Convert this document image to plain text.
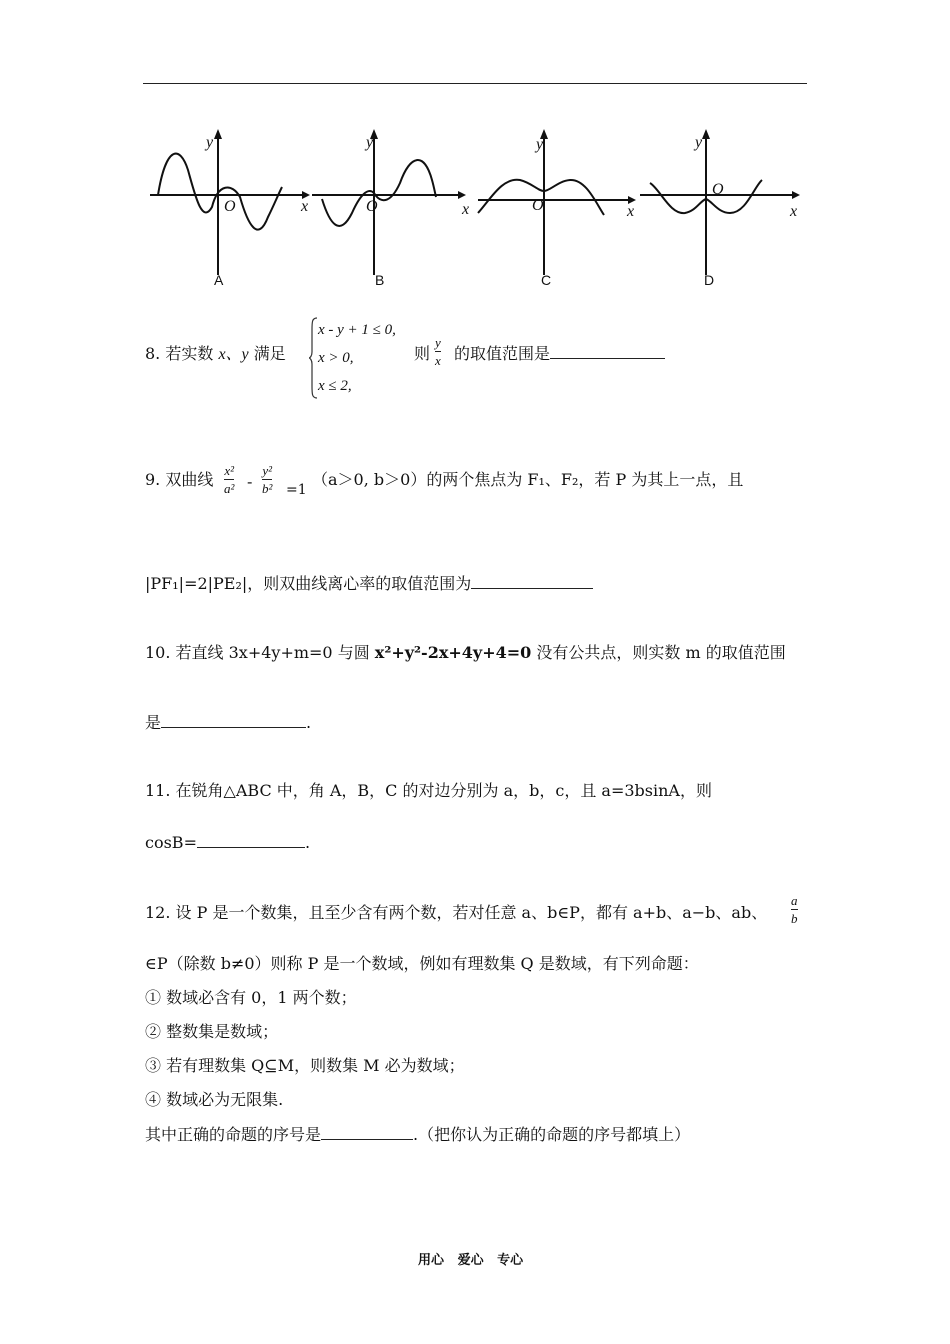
y
x
O
y
x
O
y
x
O
y
x
O
A	B	C	D
8. 若实数 x、y 满足
x - y + 1 ≤ 0,
x > 0,
x ≤ 2,
则
y
x 的取值范围是
9. 双曲线 x²
a² -
y²
b² =1
（a＞0, b＞0）的两个焦点为 F₁、F₂，若 P 为其上一点，且
|PF₁|=2|PE₂|，则双曲线离心率的取值范围为
10. 若直线 3x+4y+m=0 与圆 x²+y²-2x+4y+4=0 没有公共点，则实数 m 的取值范围
是	.
11. 在锐角△ABC 中，角 A，B，C 的对边分别为 a，b，c，且 a=3bsinA，则
cosB=	.
12. 设 P 是一个数集，且至少含有两个数，若对任意 a、b∈P，都有 a+b、a−b、ab、
a
b
∈P（除数 b≠0）则称 P 是一个数域，例如有理数集 Q 是数域，有下列命题：
① 数域必含有 0，1 两个数；
② 整数集是数域；
③ 若有理数集 Q⊆M，则数集 M 必为数域；
④ 数域必为无限集.
其中正确的命题的序号是	.（把你认为正确的命题的序号都填上）
用心   爱心   专心
